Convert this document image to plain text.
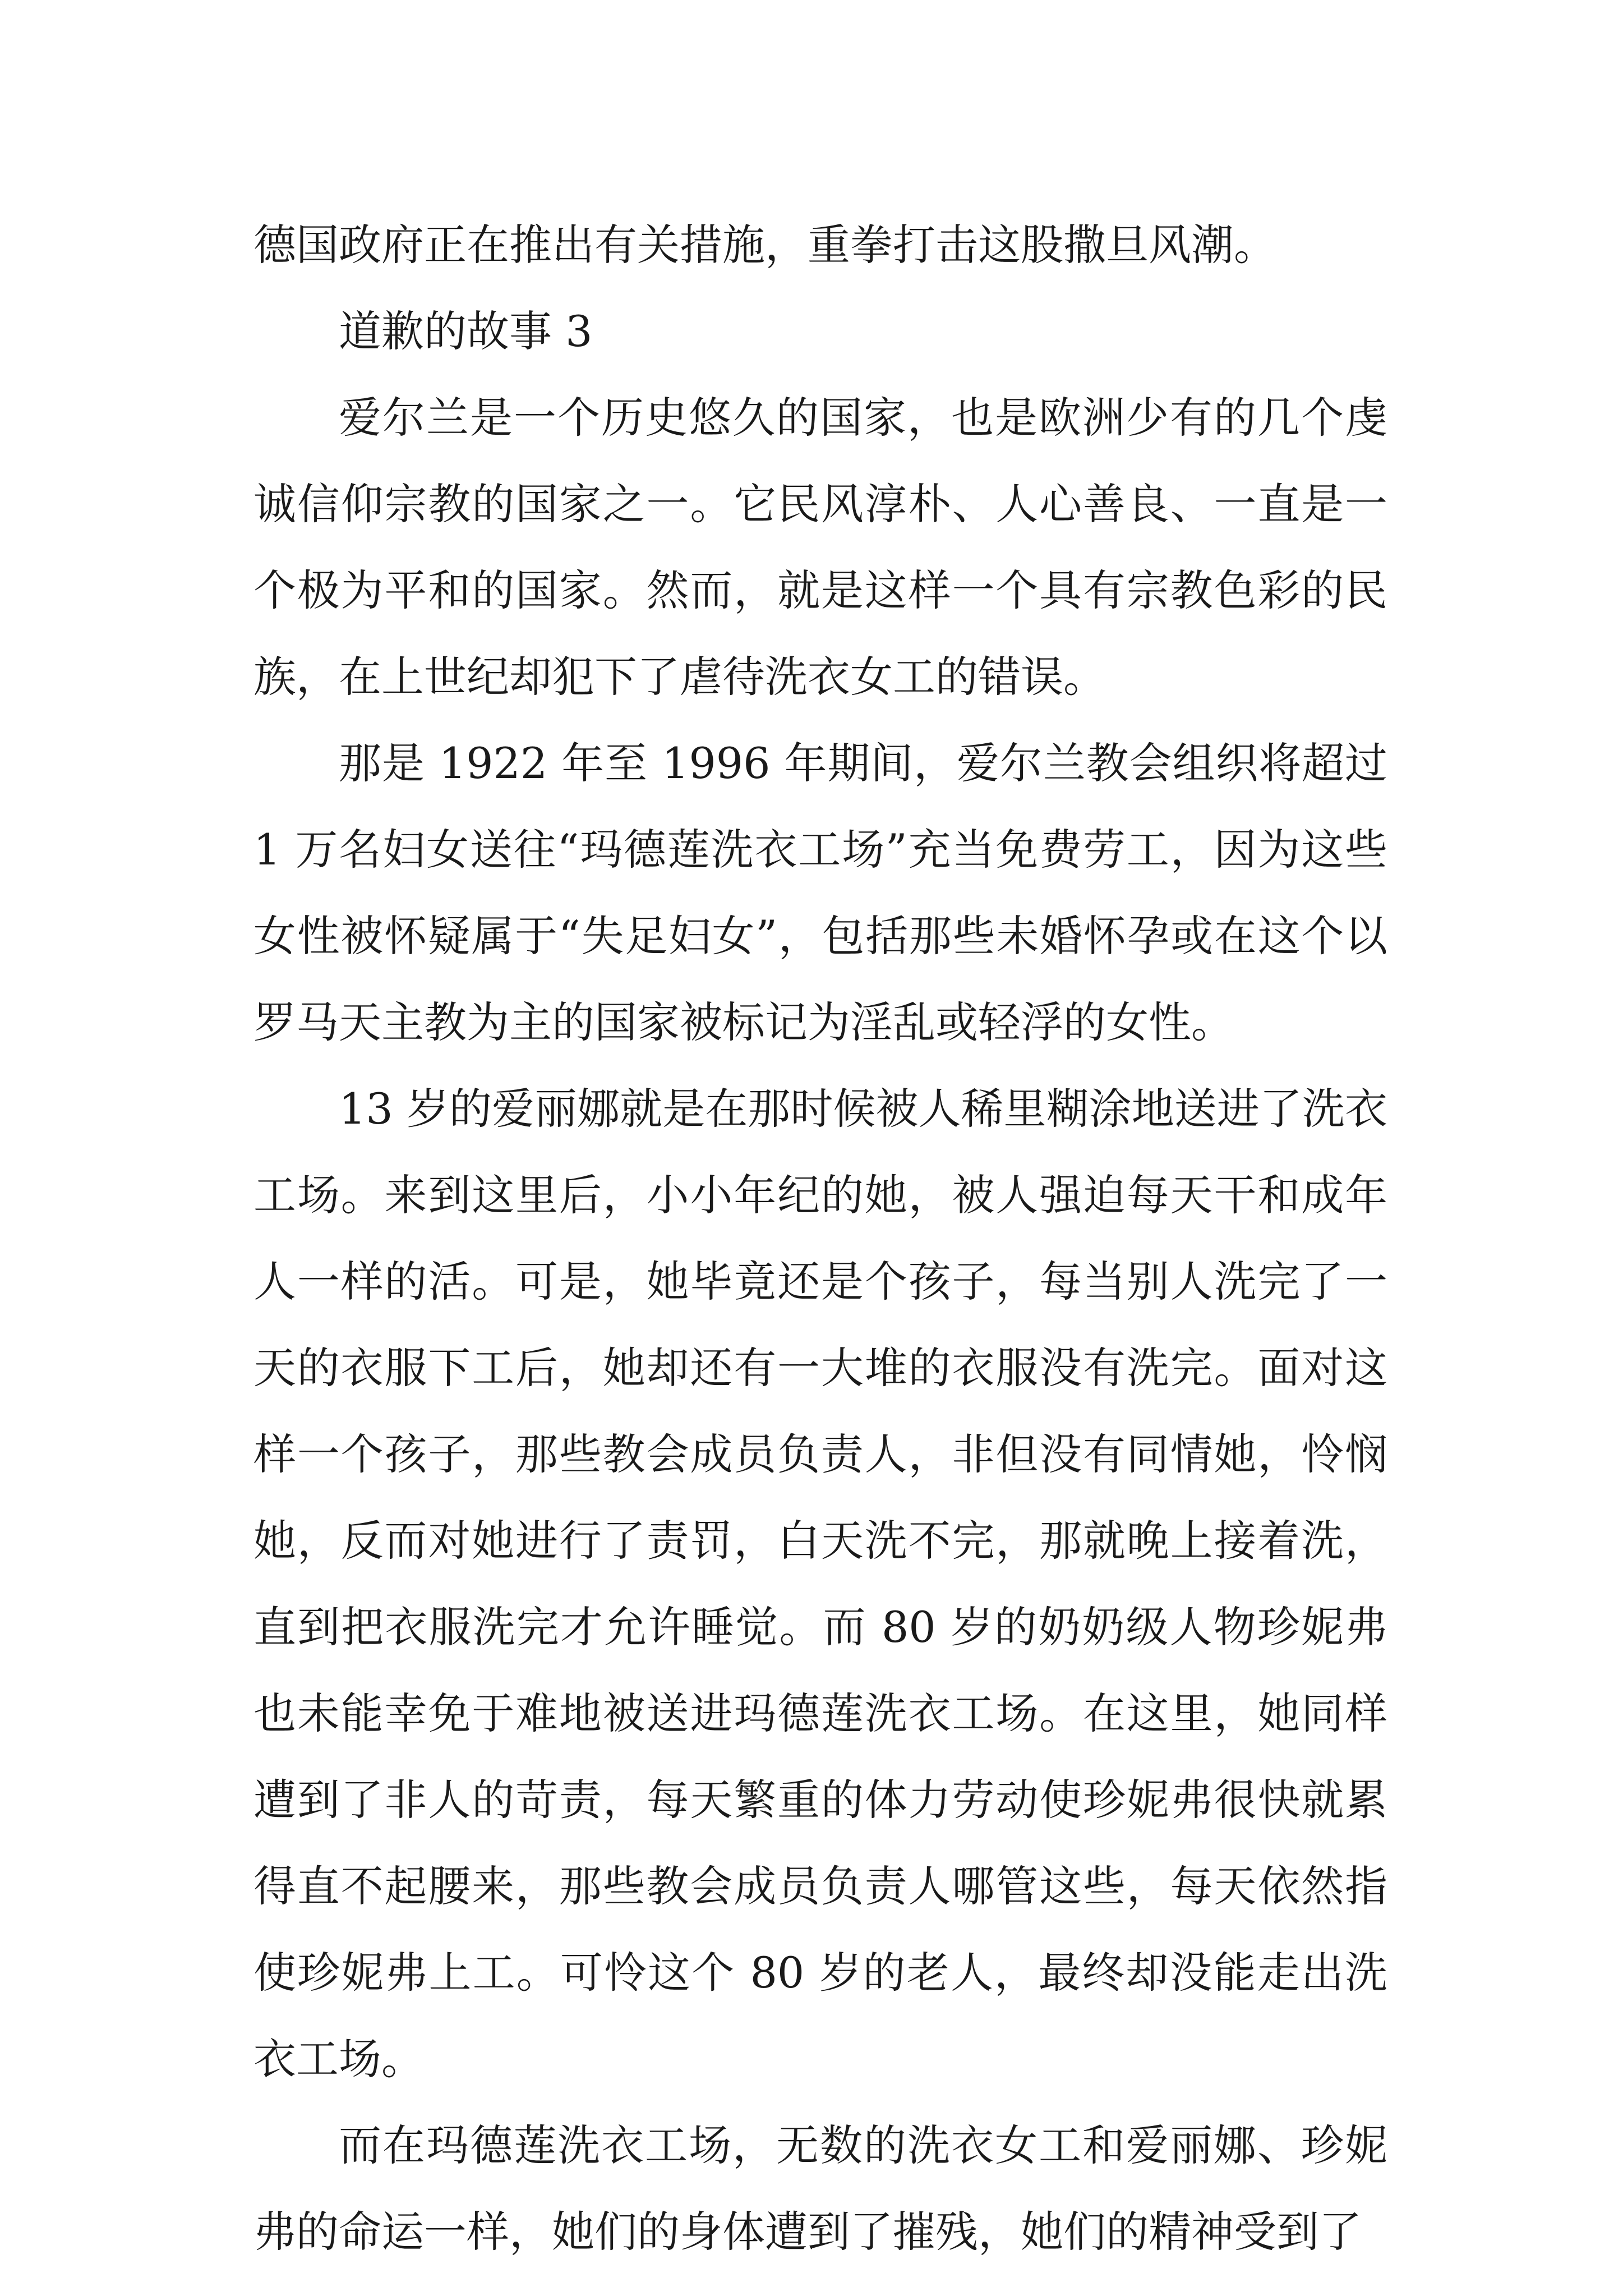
德国政府正在推出有关措施，重拳打击这股撒旦风潮。

道歉的故事 3

爱尔兰是一个历史悠久的国家，也是欧洲少有的几个虔诚信仰宗教的国家之一。它民风淳朴、人心善良、一直是一个极为平和的国家。然而，就是这样一个具有宗教色彩的民族，在上世纪却犯下了虐待洗衣女工的错误。

那是 1922 年至 1996 年期间，爱尔兰教会组织将超过 1 万名妇女送往“玛德莲洗衣工场”充当免费劳工，因为这些女性被怀疑属于“失足妇女”，包括那些未婚怀孕或在这个以罗马天主教为主的国家被标记为淫乱或轻浮的女性。

13 岁的爱丽娜就是在那时候被人稀里糊涂地送进了洗衣工场。来到这里后，小小年纪的她，被人强迫每天干和成年人一样的活。可是，她毕竟还是个孩子，每当别人洗完了一天的衣服下工后，她却还有一大堆的衣服没有洗完。面对这样一个孩子，那些教会成员负责人，非但没有同情她，怜悯她，反而对她进行了责罚，白天洗不完，那就晚上接着洗，直到把衣服洗完才允许睡觉。而 80 岁的奶奶级人物珍妮弗也未能幸免于难地被送进玛德莲洗衣工场。在这里，她同样遭到了非人的苛责，每天繁重的体力劳动使珍妮弗很快就累得直不起腰来，那些教会成员负责人哪管这些，每天依然指使珍妮弗上工。可怜这个 80 岁的老人，最终却没能走出洗衣工场。

而在玛德莲洗衣工场，无数的洗衣女工和爱丽娜、珍妮弗的命运一样，她们的身体遭到了摧残，她们的精神受到了
